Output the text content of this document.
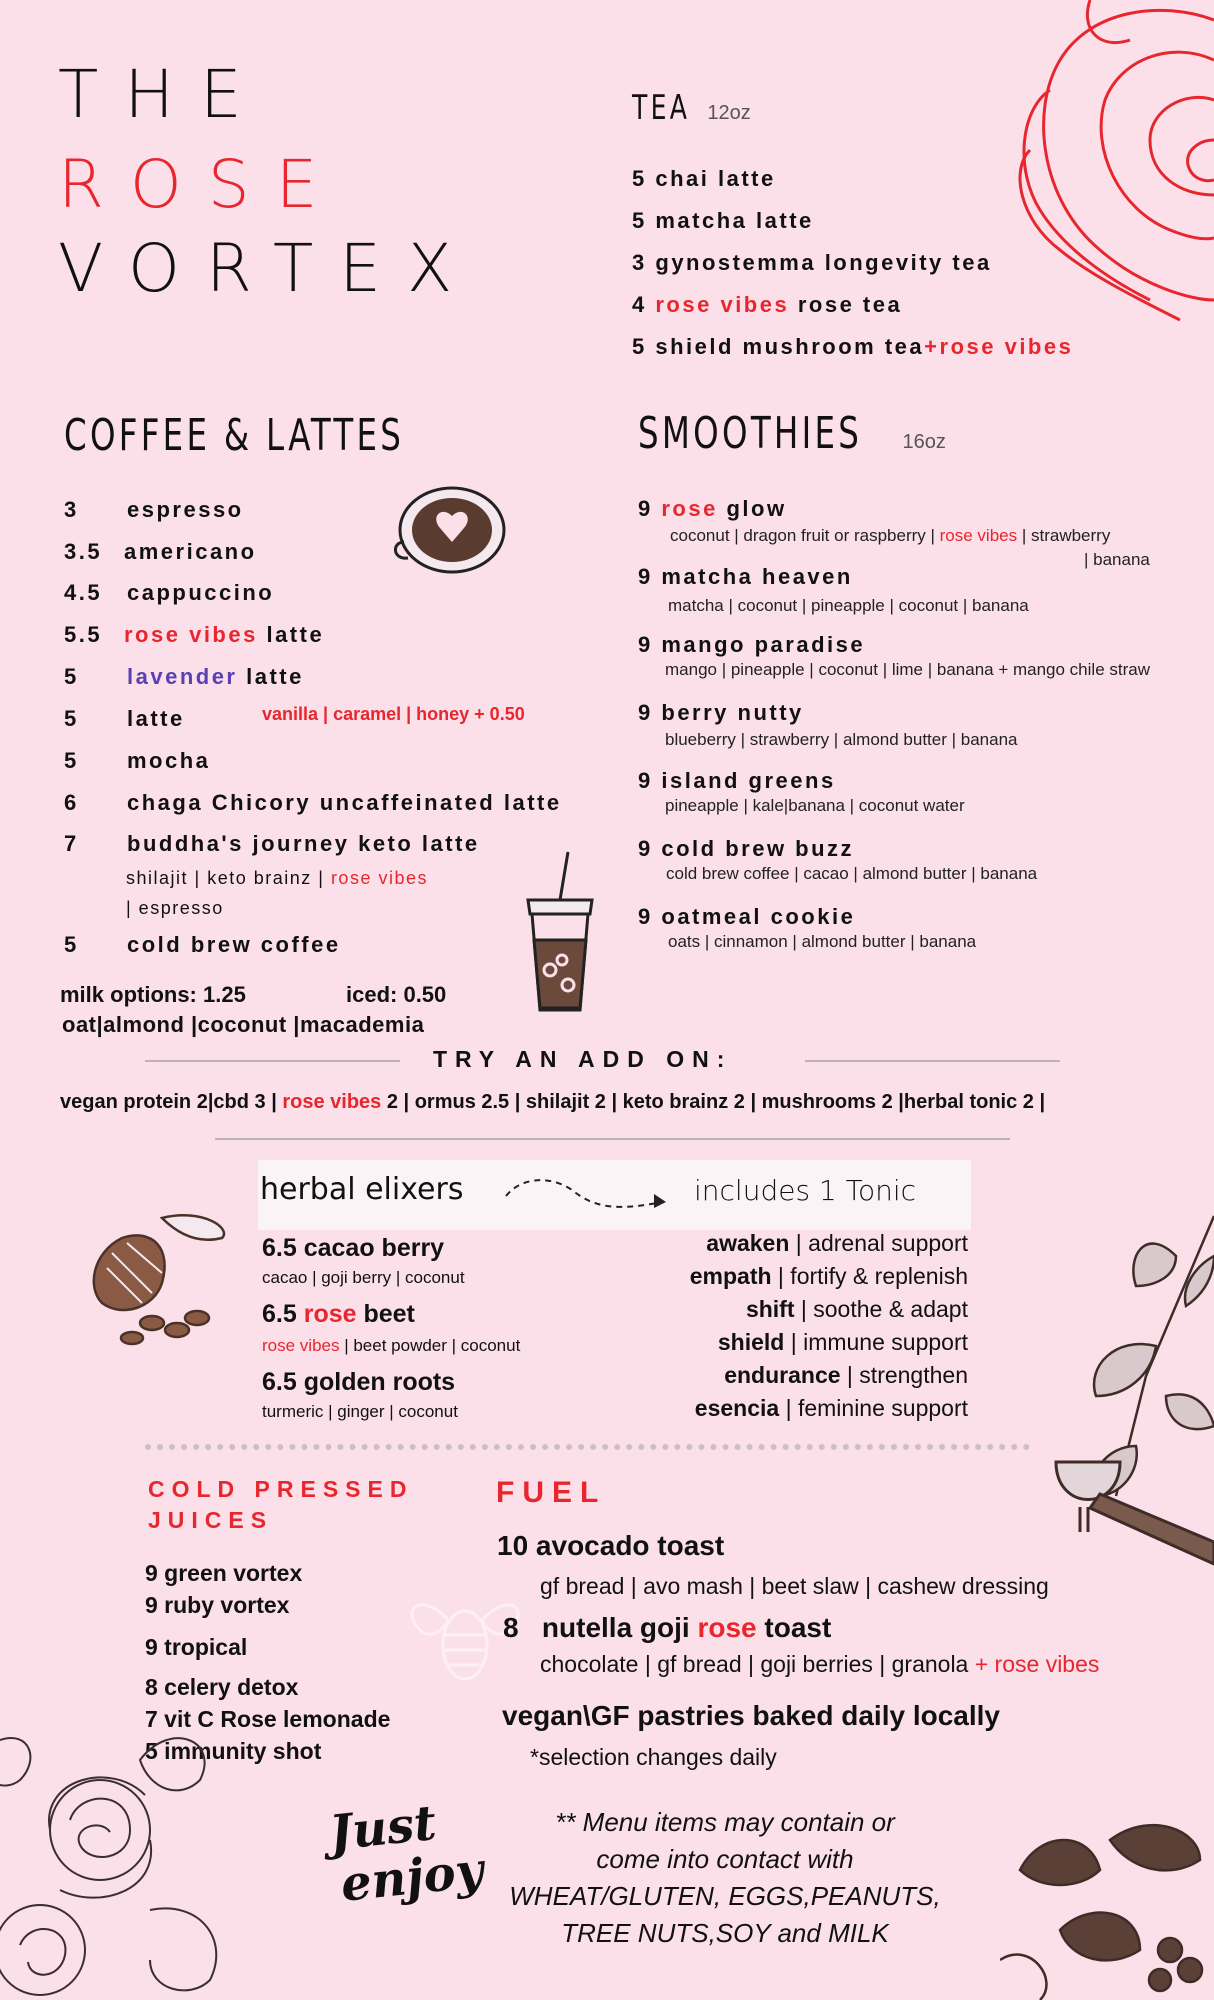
THE
ROSE
VORTEX
TEA 12oz
5 chai latte
5 matcha latte
3 gynostemma longevity tea
4 rose vibes rose tea
5 shield mushroom tea+rose vibes
COFFEE & LATTES
3 espresso
3.5 americano
4.5 cappuccino
5.5 rose vibes latte
5 lavender latte
5 latte	vanilla | caramel | honey + 0.50
5 mocha
6 chaga Chicory uncaffeinated latte
7 buddha's journey keto latte
shilajit | keto brainz | rose vibes
| espresso
5 cold brew coffee
milk options: 1.25	iced: 0.50
oat|almond |coconut |macademia
SMOOTHIES 16oz
9 rose glow
coconut | dragon fruit or raspberry | rose vibes | strawberry
| banana
9 matcha heaven
matcha | coconut | pineapple | coconut | banana
9 mango paradise
mango | pineapple | coconut | lime | banana + mango chile straw
9 berry nutty
blueberry | strawberry | almond butter | banana
9 island greens
pineapple | kale|banana | coconut water
9 cold brew buzz
cold brew coffee | cacao | almond butter | banana
9 oatmeal cookie
oats | cinnamon | almond butter | banana
TRY AN ADD ON:
vegan protein 2|cbd 3 | rose vibes 2 | ormus 2.5 | shilajit 2 | keto brainz 2 | mushrooms 2 |herbal tonic 2 |
herbal elixers	includes 1 Tonic
6.5 cacao berry
cacao | goji berry | coconut
6.5 rose beet
rose vibes | beet powder | coconut
6.5 golden roots
turmeric | ginger | coconut
awaken | adrenal support
empath | fortify & replenish
shift | soothe & adapt
shield | immune support
endurance | strengthen
esencia | feminine support
COLD PRESSED
JUICES
9 green vortex
9 ruby vortex
9 tropical
8 celery detox
7 vit C Rose lemonade
5 immunity shot
FUEL
10 avocado toast
gf bread | avo mash | beet slaw | cashew dressing
8 nutella goji rose toast
chocolate | gf bread | goji berries | granola + rose vibes
vegan\GF pastries baked daily locally
*selection changes daily
Just
enjoy
** Menu items may contain or
come into contact with
WHEAT/GLUTEN, EGGS,PEANUTS,
TREE NUTS,SOY and MILK
